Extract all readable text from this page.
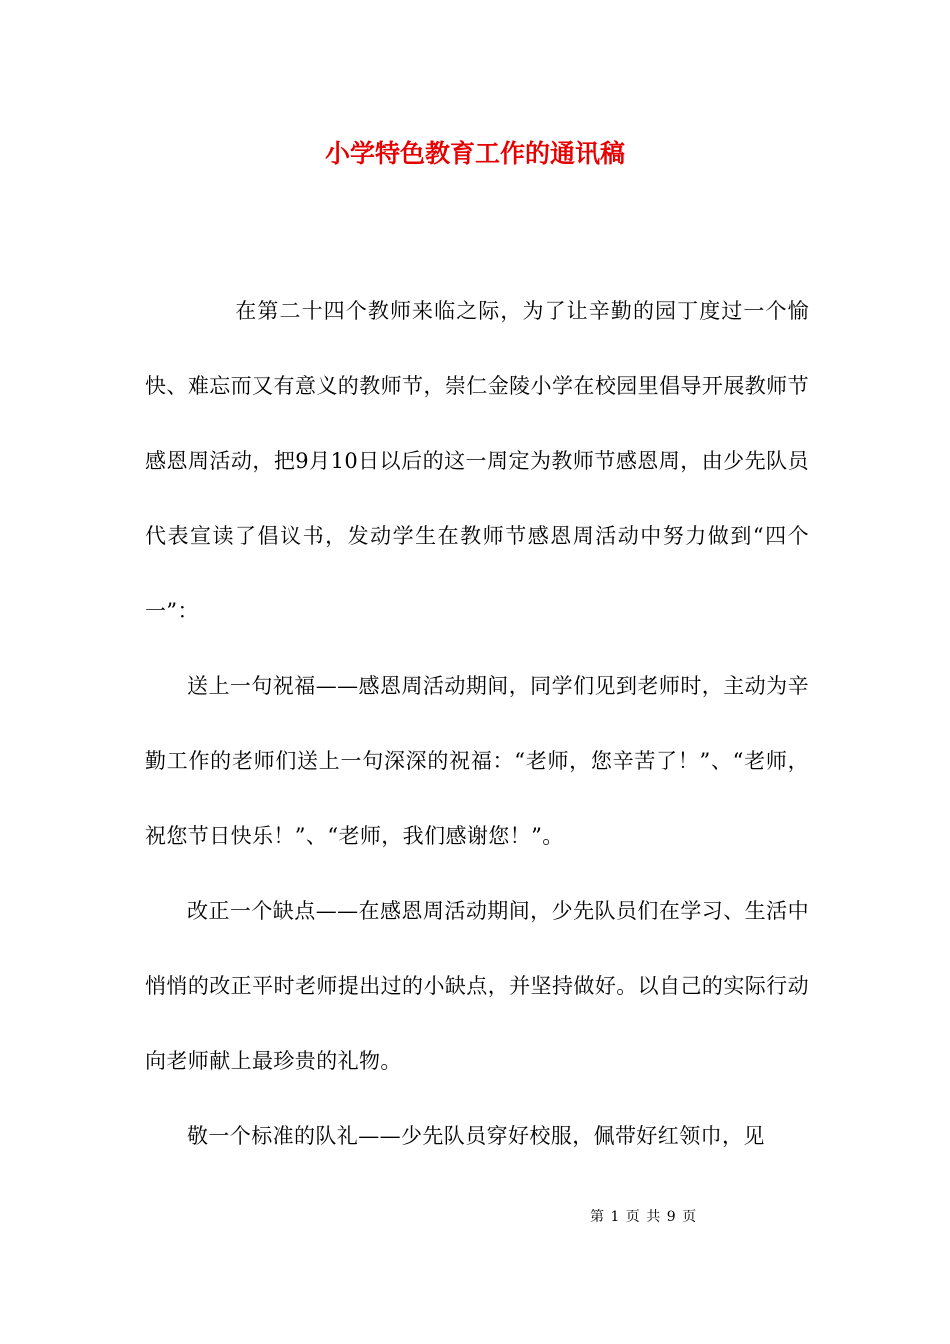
小学特色教育工作的通讯稿

在第二十四个教师来临之际，为了让辛勤的园丁度过一个愉快、难忘而又有意义的教师节，崇仁金陵小学在校园里倡导开展教师节感恩周活动，把9月10日以后的这一周定为教师节感恩周，由少先队员代表宣读了倡议书，发动学生在教师节感恩周活动中努力做到“四个一”：

送上一句祝福——感恩周活动期间，同学们见到老师时，主动为辛勤工作的老师们送上一句深深的祝福：“老师，您辛苦了！”、“老师，祝您节日快乐！”、“老师，我们感谢您！”。

改正一个缺点——在感恩周活动期间，少先队员们在学习、生活中悄悄的改正平时老师提出过的小缺点，并坚持做好。以自己的实际行动向老师献上最珍贵的礼物。

敬一个标准的队礼——少先队员穿好校服，佩带好红领巾，见

第 1 页 共 9 页
